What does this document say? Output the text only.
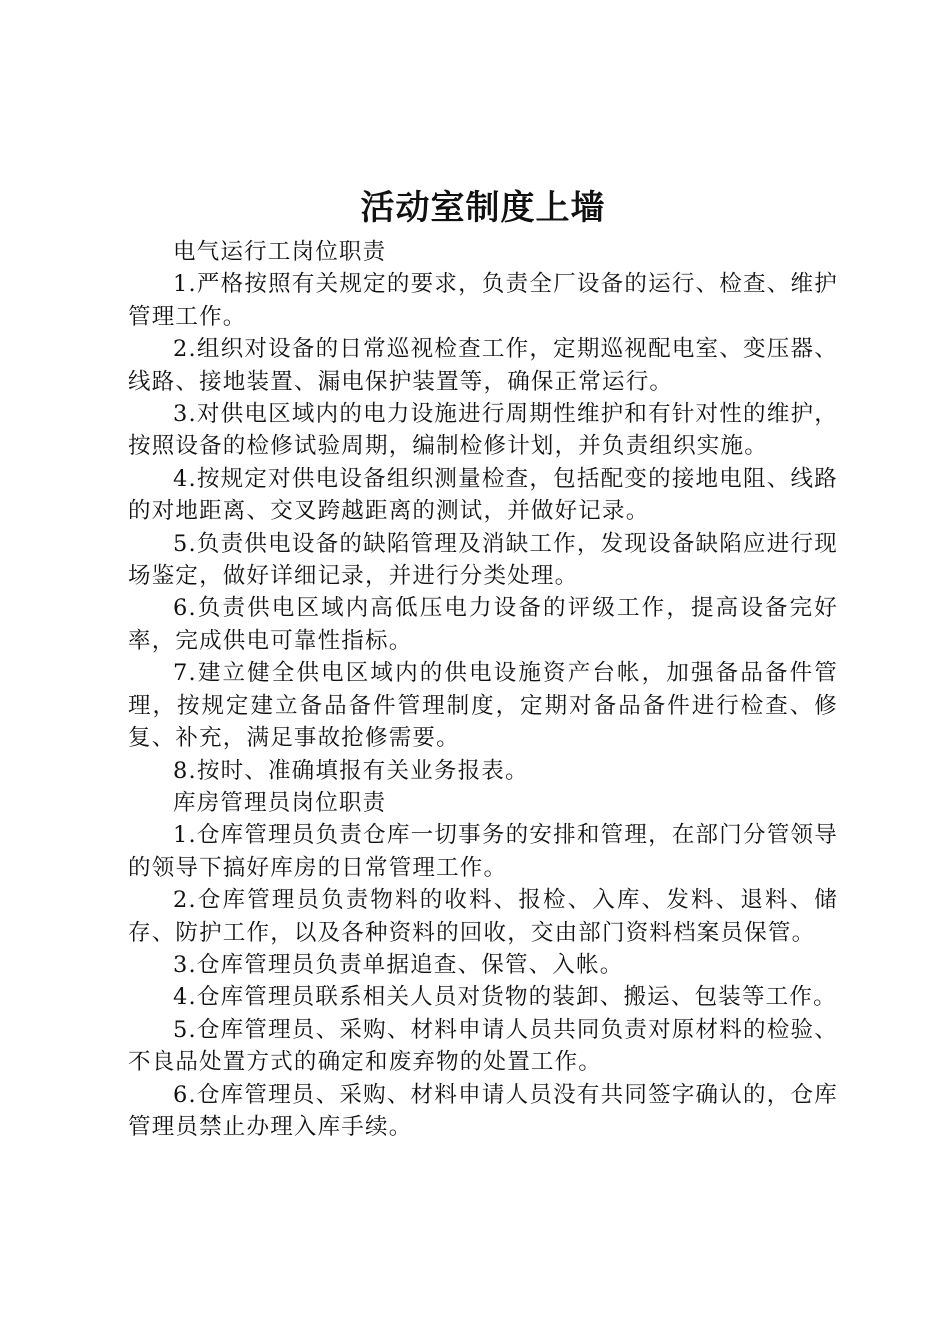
活动室制度上墙

电气运行工岗位职责

1.严格按照有关规定的要求，负责全厂设备的运行、检查、维护管理工作。

2.组织对设备的日常巡视检查工作，定期巡视配电室、变压器、线路、接地装置、漏电保护装置等，确保正常运行。

3.对供电区域内的电力设施进行周期性维护和有针对性的维护，按照设备的检修试验周期，编制检修计划，并负责组织实施。

4.按规定对供电设备组织测量检查，包括配变的接地电阻、线路的对地距离、交叉跨越距离的测试，并做好记录。

5.负责供电设备的缺陷管理及消缺工作，发现设备缺陷应进行现场鉴定，做好详细记录，并进行分类处理。

6.负责供电区域内高低压电力设备的评级工作，提高设备完好率，完成供电可靠性指标。

7.建立健全供电区域内的供电设施资产台帐，加强备品备件管理，按规定建立备品备件管理制度，定期对备品备件进行检查、修复、补充，满足事故抢修需要。

8.按时、准确填报有关业务报表。

库房管理员岗位职责

1.仓库管理员负责仓库一切事务的安排和管理，在部门分管领导的领导下搞好库房的日常管理工作。

2.仓库管理员负责物料的收料、报检、入库、发料、退料、储存、防护工作，以及各种资料的回收，交由部门资料档案员保管。

3.仓库管理员负责单据追查、保管、入帐。

4.仓库管理员联系相关人员对货物的装卸、搬运、包装等工作。

5.仓库管理员、采购、材料申请人员共同负责对原材料的检验、不良品处置方式的确定和废弃物的处置工作。

6.仓库管理员、采购、材料申请人员没有共同签字确认的，仓库管理员禁止办理入库手续。
